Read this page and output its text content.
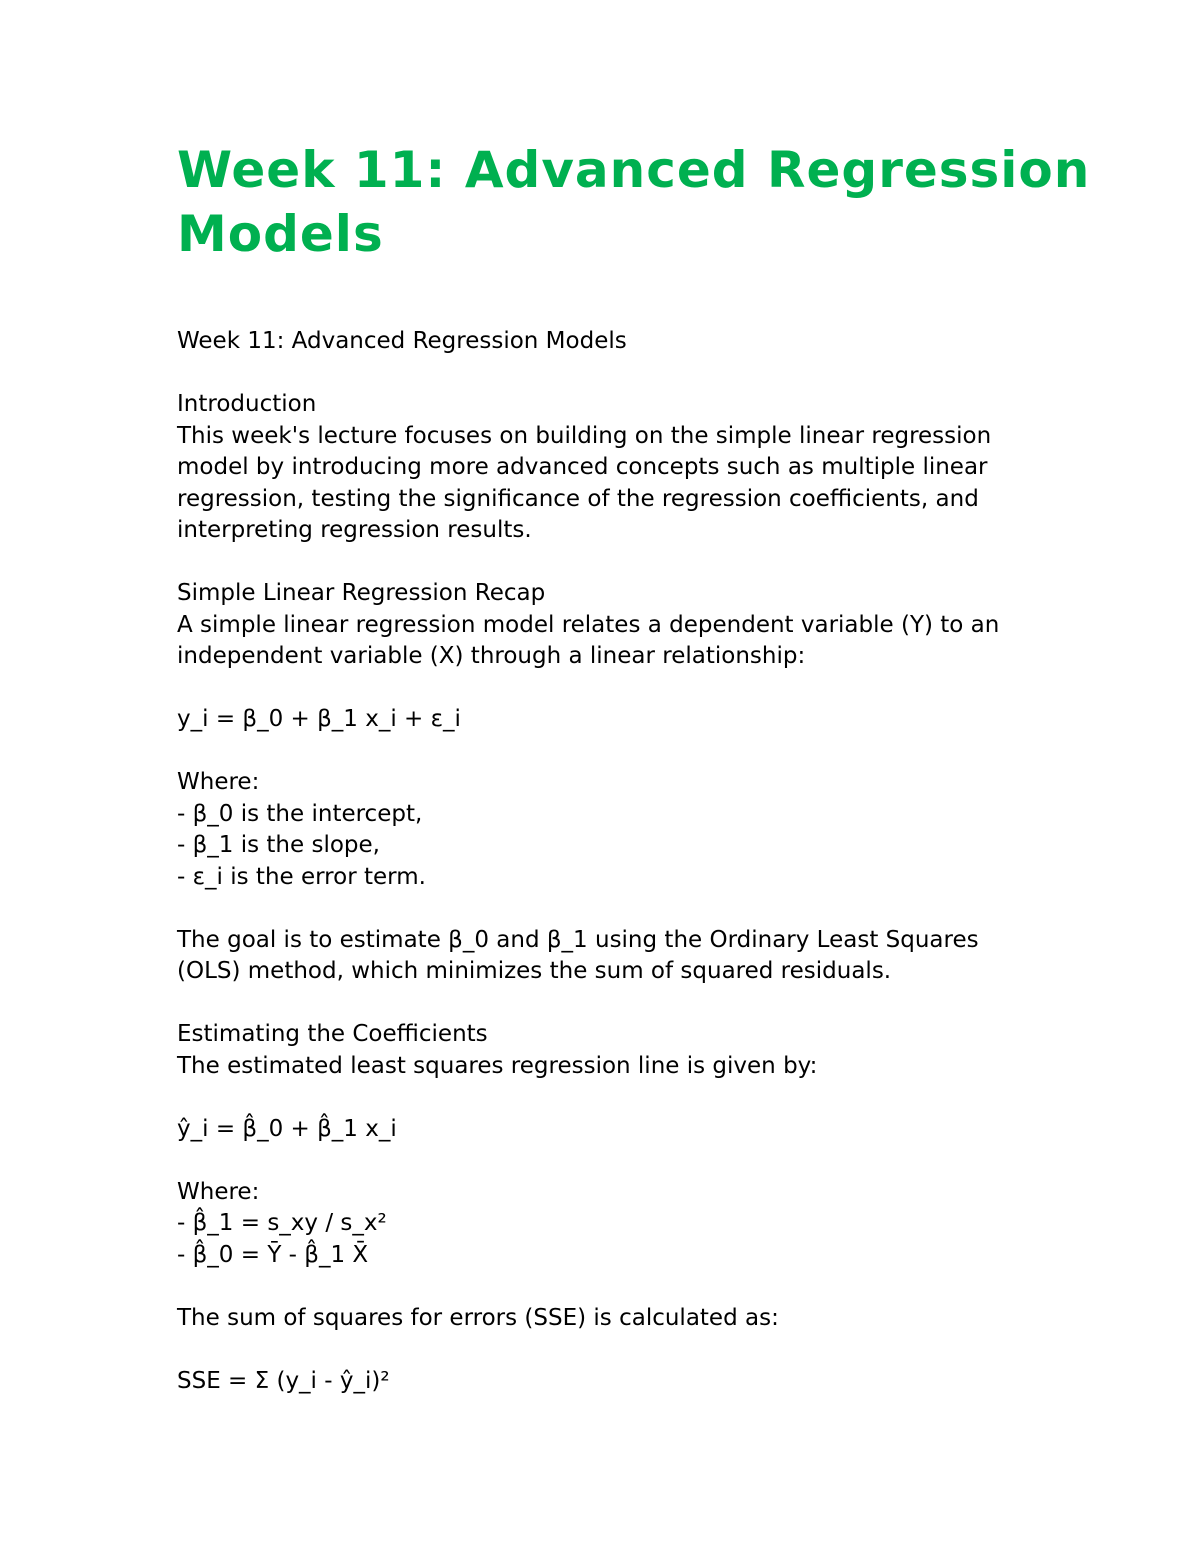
Week 11: Advanced Regression
Models
Week 11: Advanced Regression Models
Introduction
This week's lecture focuses on building on the simple linear regression
model by introducing more advanced concepts such as multiple linear
regression, testing the significance of the regression coefficients, and
interpreting regression results.
Simple Linear Regression Recap
A simple linear regression model relates a dependent variable (Y) to an
independent variable (X) through a linear relationship:
y_i = β_0 + β_1 x_i + ε_i
Where:
- β_0 is the intercept,
- β_1 is the slope,
- ε_i is the error term.
The goal is to estimate β_0 and β_1 using the Ordinary Least Squares
(OLS) method, which minimizes the sum of squared residuals.
Estimating the Coefficients
The estimated least squares regression line is given by:
ŷ_i = β̂_0 + β̂_1 x_i
Where:
- β̂_1 = s_xy / s_x²
- β̂_0 = Ȳ - β̂_1 X̄
The sum of squares for errors (SSE) is calculated as:
SSE = Σ (y_i - ŷ_i)²
